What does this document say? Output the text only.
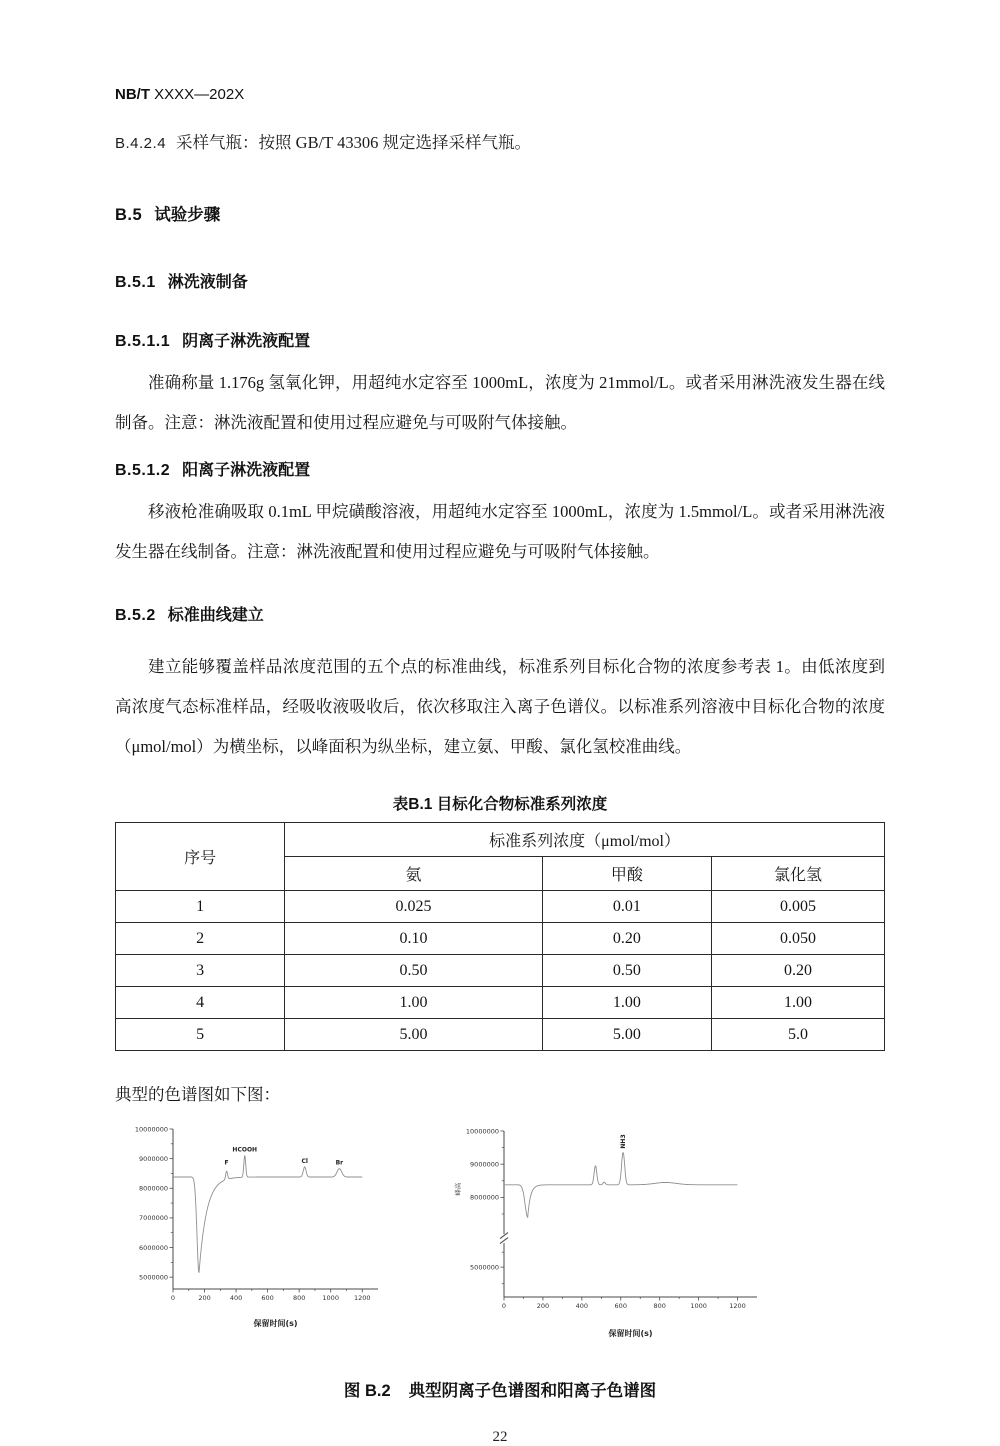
NB/T XXXX—202X
B.4.2.4 采样气瓶：按照 GB/T 43306 规定选择采样气瓶。
B.5 试验步骤
B.5.1 淋洗液制备
B.5.1.1 阴离子淋洗液配置
准确称量 1.176g 氢氧化钾，用超纯水定容至 1000mL，浓度为 21mmol/L。或者采用淋洗液发生器在线制备。注意：淋洗液配置和使用过程应避免与可吸附气体接触。
B.5.1.2 阳离子淋洗液配置
移液枪准确吸取 0.1mL 甲烷磺酸溶液，用超纯水定容至 1000mL，浓度为 1.5mmol/L。或者采用淋洗液发生器在线制备。注意：淋洗液配置和使用过程应避免与可吸附气体接触。
B.5.2 标准曲线建立
建立能够覆盖样品浓度范围的五个点的标准曲线，标准系列目标化合物的浓度参考表 1。由低浓度到高浓度气态标准样品，经吸收液吸收后，依次移取注入离子色谱仪。以标准系列溶液中目标化合物的浓度（μmol/mol）为横坐标，以峰面积为纵坐标，建立氨、甲酸、氯化氢校准曲线。
表B.1 目标化合物标准系列浓度
序号	标准系列浓度（μmol/mol）		
	氨	甲酸	氯化氢
1	0.025	0.01	0.005
2	0.10	0.20	0.050
3	0.50	0.50	0.20
4	1.00	1.00	1.00
5	5.00	5.00	5.0
典型的色谱图如下图：
0	200	400	600	800	1000 1200
10000000
9000000
8000000
7000000
6000000
5000000
F
HCOOH
Cl	Br
保留时间(s)
0	200	400	600	800	1000	1200
10000000
9000000
8000000
5000000
NH3
保留时间(s)
峰高
图 B.2 典型阴离子色谱图和阳离子色谱图
22
